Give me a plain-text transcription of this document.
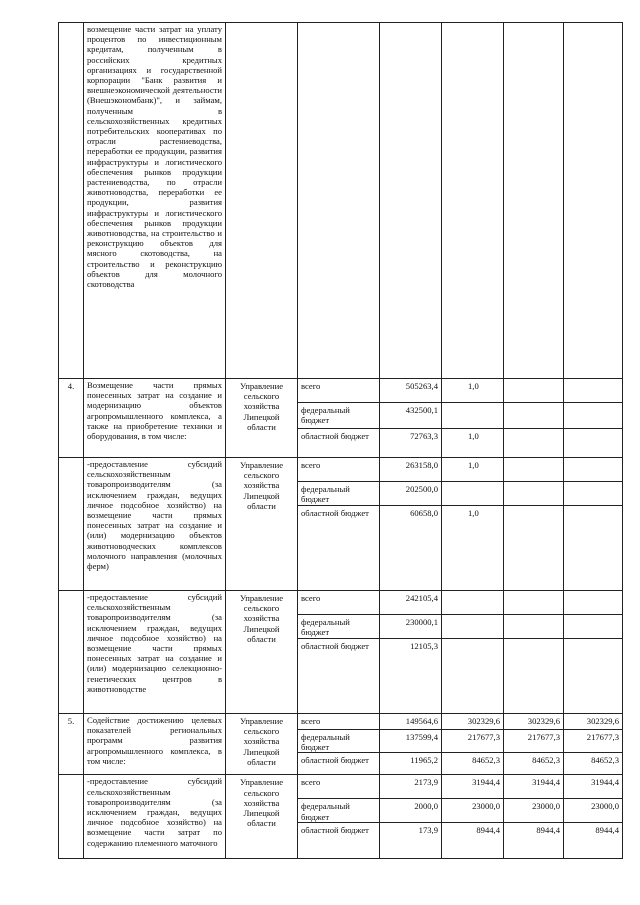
	возмещение части затрат на уплату процентов по инвестиционным кредитам, полученным в российских кредитных организациях и государственной корпорации "Банк развития и внешнеэкономической деятельности (Внешэкономбанк)", и займам, полученным в сельскохозяйственных кредитных потребительских кооперативах по отрасли растениеводства, переработки ее продукции, развития инфраструктуры и логистического обеспечения рынков продукции растениеводства, по отрасли животноводства, переработки ее продукции, развития инфраструктуры и логистического обеспечения рынков продукции животноводства, на строительство и реконструкцию объектов для мясного скотоводства, на строительство и реконструкцию объектов для молочного скотоводства						
4.	Возмещение части прямых понесенных затрат на создание и модернизацию объектов агропромышленного комплекса, а также на приобретение техники и оборудования, в том числе:	Управление сельского хозяйства Липецкой области	всего	505263,4	1,0		
			федеральный бюджет	432500,1			
			областной бюджет	72763,3	1,0		
	-предоставление субсидий сельскохозяйственным товаропроизводителям (за исключением граждан, ведущих личное подсобное хозяйство) на возмещение части прямых понесенных затрат на создание и (или) модернизацию объектов животноводческих комплексов молочного направления (молочных ферм)	Управление сельского хозяйства Липецкой области	всего	263158,0	1,0		
			федеральный бюджет	202500,0			
			областной бюджет	60658,0	1,0		
	-предоставление субсидий сельскохозяйственным товаропроизводителям (за исключением граждан, ведущих личное подсобное хозяйство) на возмещение части прямых понесенных затрат на создание и (или) модернизацию селекционно-генетических центров в животноводстве	Управление сельского хозяйства Липецкой области	всего	242105,4			
			федеральный бюджет	230000,1			
			областной бюджет	12105,3			
5.	Содействие достижению целевых показателей региональных программ развития агропромышленного комплекса, в том числе:	Управление сельского хозяйства Липецкой области	всего	149564,6	302329,6	302329,6	302329,6
			федеральный бюджет	137599,4	217677,3	217677,3	217677,3
			областной бюджет	11965,2	84652,3	84652,3	84652,3
	-предоставление субсидий сельскохозяйственным товаропроизводителям (за исключением граждан, ведущих личное подсобное хозяйство) на возмещение части затрат по содержанию племенного маточного	Управление сельского хозяйства Липецкой области	всего	2173,9	31944,4	31944,4	31944,4
			федеральный бюджет	2000,0	23000,0	23000,0	23000,0
			областной бюджет	173,9	8944,4	8944,4	8944,4
